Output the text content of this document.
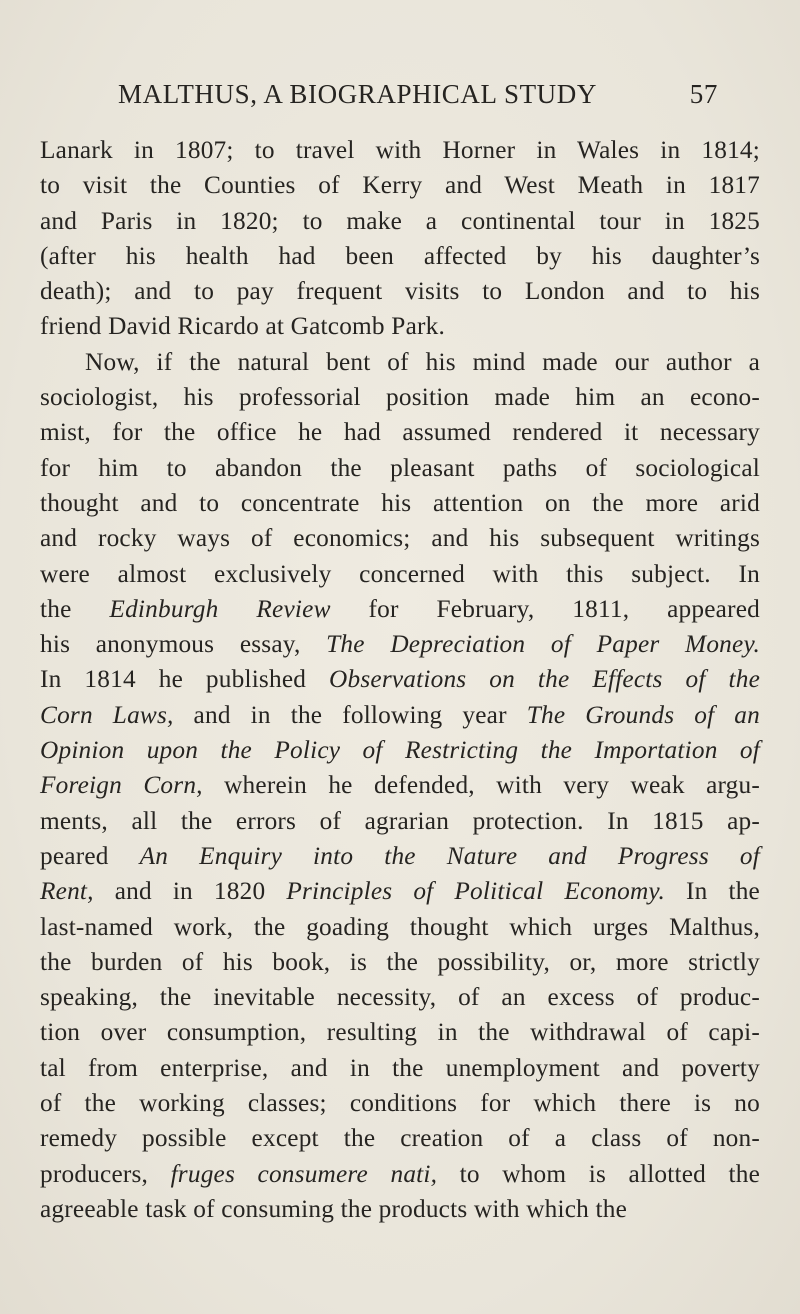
MALTHUS, A BIOGRAPHICAL STUDY	57
Lanark in 1807; to travel with Horner in Wales in 1814;
to visit the Counties of Kerry and West Meath in 1817
and Paris in 1820; to make a continental tour in 1825
(after his health had been affected by his daughter’s
death); and to pay frequent visits to London and to his
friend David Ricardo at Gatcomb Park.
Now, if the natural bent of his mind made our author a
sociologist, his professorial position made him an econo-
mist, for the office he had assumed rendered it necessary
for him to abandon the pleasant paths of sociological
thought and to concentrate his attention on the more arid
and rocky ways of economics; and his subsequent writings
were almost exclusively concerned with this subject. In
the Edinburgh Review for February, 1811, appeared
his anonymous essay, The Depreciation of Paper Money.
In 1814 he published Observations on the Effects of the
Corn Laws, and in the following year The Grounds of an
Opinion upon the Policy of Restricting the Importation of
Foreign Corn, wherein he defended, with very weak argu-
ments, all the errors of agrarian protection. In 1815 ap-
peared An Enquiry into the Nature and Progress of
Rent, and in 1820 Principles of Political Economy. In the
last-named work, the goading thought which urges Malthus,
the burden of his book, is the possibility, or, more strictly
speaking, the inevitable necessity, of an excess of produc-
tion over consumption, resulting in the withdrawal of capi-
tal from enterprise, and in the unemployment and poverty
of the working classes; conditions for which there is no
remedy possible except the creation of a class of non-
producers, fruges consumere nati, to whom is allotted the
agreeable task of consuming the products with which the
